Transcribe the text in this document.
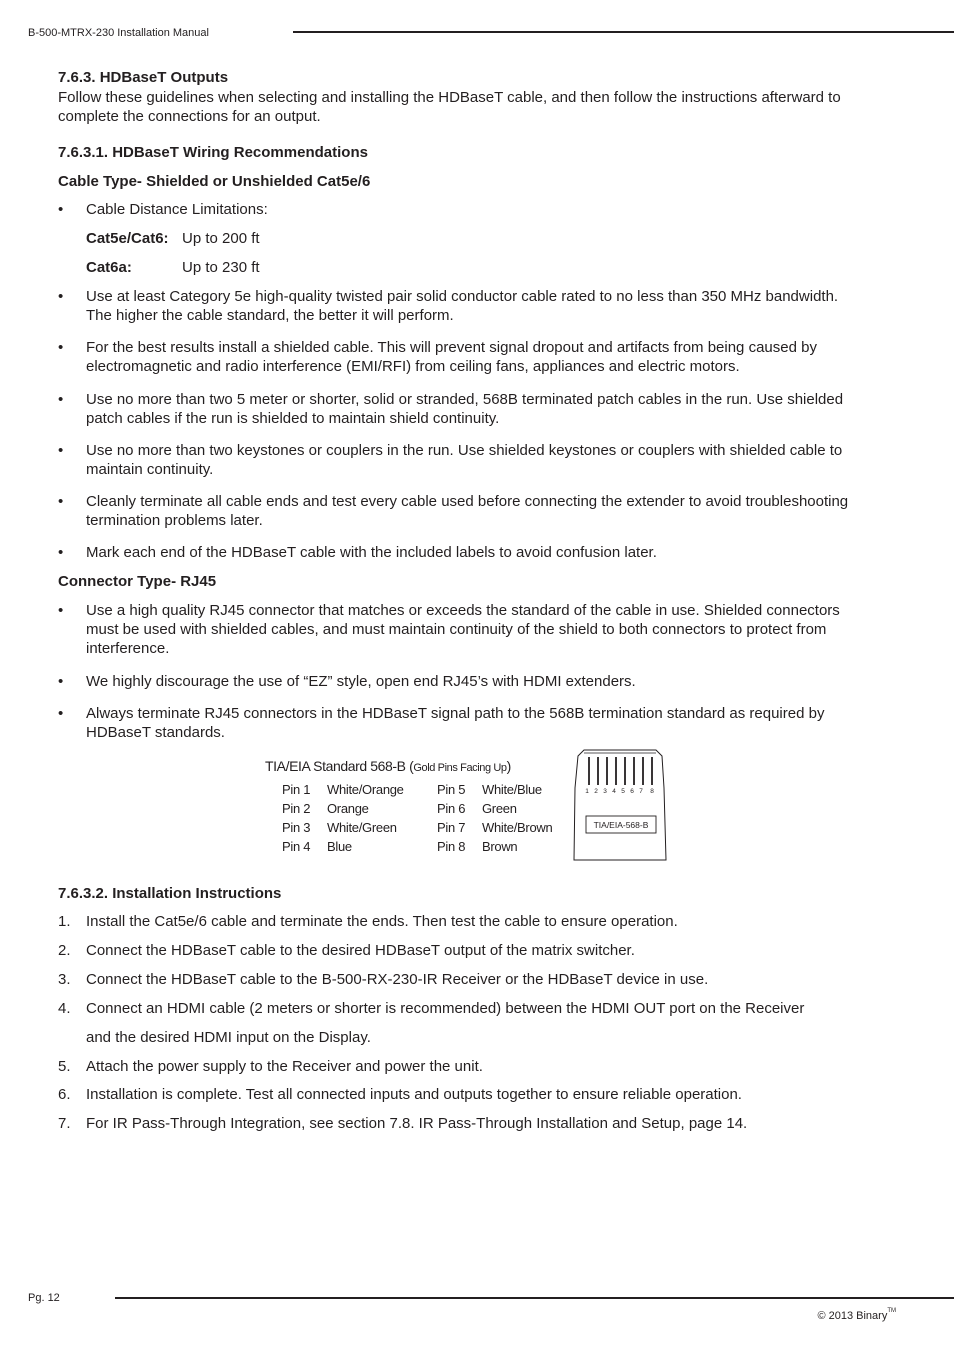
B-500-MTRX-230 Installation Manual
7.6.3. HDBaseT Outputs
Follow these guidelines when selecting and installing the HDBaseT cable, and then follow the instructions afterward to
complete the connections for an output.
7.6.3.1. HDBaseT Wiring Recommendations
Cable Type- Shielded or Unshielded Cat5e/6
• Cable Distance Limitations:
Cat5e/Cat6: Up to 200 ft
Cat6a:	Up to 230 ft
• Use at least Category 5e high-quality twisted pair solid conductor cable rated to no less than 350 MHz bandwidth.
The higher the cable standard, the better it will perform.
• For the best results install a shielded cable. This will prevent signal dropout and artifacts from being caused by
electromagnetic and radio interference (EMI/RFI) from ceiling fans, appliances and electric motors.
• Use no more than two 5 meter or shorter, solid or stranded, 568B terminated patch cables in the run. Use shielded
patch cables if the run is shielded to maintain shield continuity.
• Use no more than two keystones or couplers in the run. Use shielded keystones or couplers with shielded cable to
maintain continuity.
• Cleanly terminate all cable ends and test every cable used before connecting the extender to avoid troubleshooting
termination problems later.
• Mark each end of the HDBaseT cable with the included labels to avoid confusion later.
Connector Type- RJ45
• Use a high quality RJ45 connector that matches or exceeds the standard of the cable in use. Shielded connectors
must be used with shielded cables, and must maintain continuity of the shield to both connectors to protect from
interference.
• We highly discourage the use of “EZ” style, open end RJ45’s with HDMI extenders.
• Always terminate RJ45 connectors in the HDBaseT signal path to the 568B termination standard as required by
HDBaseT standards.
TIA/EIA Standard 568-B (Gold Pins Facing Up)
Pin 1 White/Orange
Pin 2 Orange
Pin 3 White/Green
Pin 4 Blue
Pin 5 White/Blue
Pin 6 Green
Pin 7 White/Brown
Pin 8 Brown
1 2 3 4 5 6 7 8
TIA/EIA-568-B
7.6.3.2. Installation Instructions
1. Install the Cat5e/6 cable and terminate the ends. Then test the cable to ensure operation.
2. Connect the HDBaseT cable to the desired HDBaseT output of the matrix switcher.
3. Connect the HDBaseT cable to the B-500-RX-230-IR Receiver or the HDBaseT device in use.
4. Connect an HDMI cable (2 meters or shorter is recommended) between the HDMI OUT port on the Receiver
and the desired HDMI input on the Display.
5. Attach the power supply to the Receiver and power the unit.
6. Installation is complete. Test all connected inputs and outputs together to ensure reliable operation.
7. For IR Pass-Through Integration, see section 7.8. IR Pass-Through Installation and Setup, page 14.
Pg. 12
© 2013 Binary™
